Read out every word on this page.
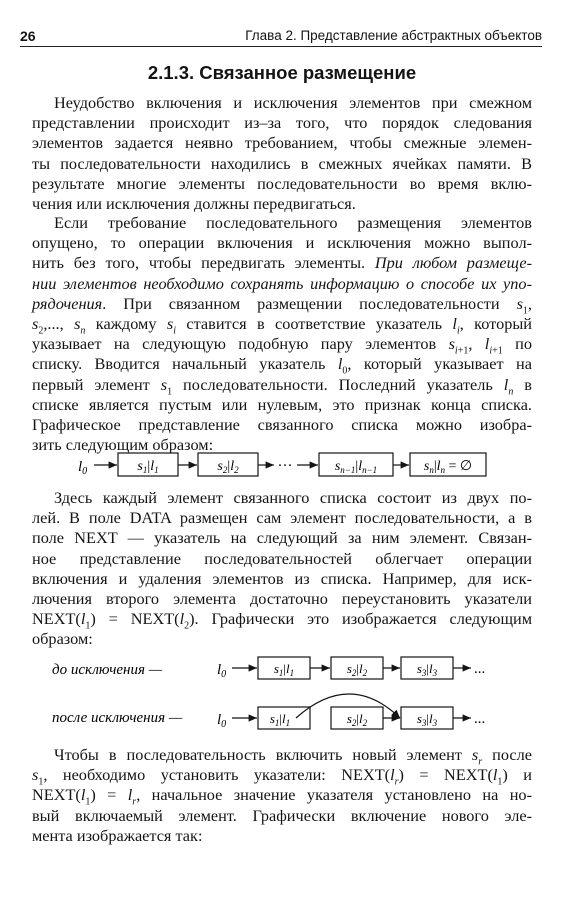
26	Глава 2. Представление абстрактных объектов
2.1.3. Связанное размещение
Неудобство включения и исключения элементов при смежном
представлении происходит из–за того, что порядок следования
элементов задается неявно требованием, чтобы смежные элемен-
ты последовательности находились в смежных ячейках памяти. В
результате многие элементы последовательности во время вклю-
чения или исключения должны передвигаться.
Если требование последовательного размещения элементов
опущено, то операции включения и исключения можно выпол-
нить без того, чтобы передвигать элементы. При любом размеще-
нии элементов необходимо сохранять информацию о способе их упо-
рядочения. При связанном размещении последовательности $s_1$,
$s_2$,..., $s_n$ каждому $s_i$ ставится в соответствие указатель $l_i$, который
указывает на следующую подобную пару элементов $s_{i+1}$, $l_{i+1}$ по
списку. Вводится начальный указатель $l_0$, который указывает на
первый элемент $s_1$ последовательности. Последний указатель $l_n$ в
списке является пустым или нулевым, это признак конца списка.
Графическое представление связанного списка можно изобра-
зить следующим образом:
$l_0$	$s_1|l_1$	$s_2|l_2$	···	$s_{n-1}|l_{n-1}$	$s_n|l_n$ = ∅
Здесь каждый элемент связанного списка состоит из двух по-
лей. В поле DATA размещен сам элемент последовательности, а в
поле NEXT — указатель на следующий за ним элемент. Связан-
ное представление последовательностей облегчает операции
включения и удаления элементов из списка. Например, для иск-
лючения второго элемента достаточно переустановить указатели
$NEXT(l_1)$ = $NEXT(l_2)$. Графически это изображается следующим
образом:
до исключения —
после исключения —
$l_0$	$s_1|l_1$	$s_2|l_2$	$s_3|l_3$ ...
$l_0$	$s_1|l_1$	$s_2|l_2$	$s_3|l_3$ ...
Чтобы в последовательность включить новый элемент $s_r$ после
$s_1$, необходимо установить указатели: $NEXT(l_r)$ = $NEXT(l_1)$ и
$NEXT(l_1) = l_r$, начальное значение указателя установлено на но-
вый включаемый элемент. Графически включение нового эле-
мента изображается так:
